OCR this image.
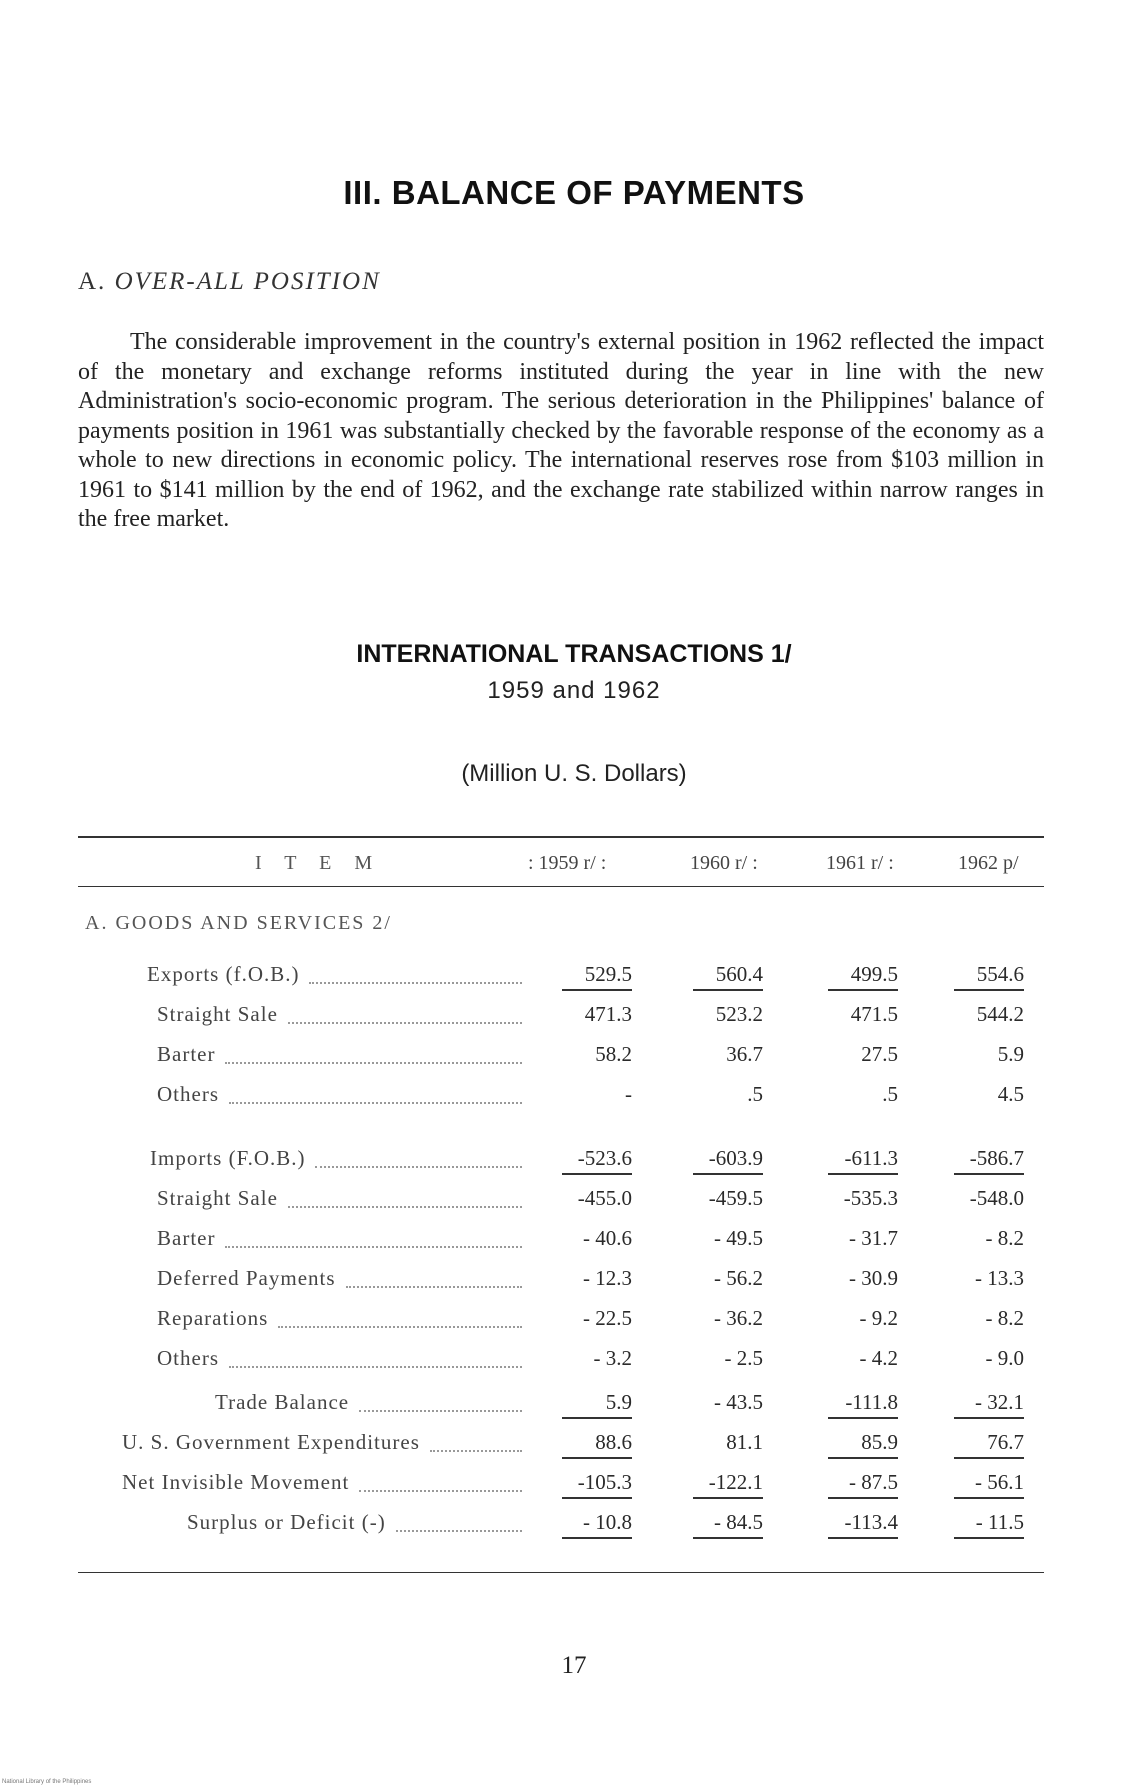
III. BALANCE OF PAYMENTS
A. OVER-ALL POSITION
The considerable improvement in the country's external position in 1962 reflected the impact of the monetary and exchange reforms instituted during the year in line with the new Administration's socio-economic program. The serious deterioration in the Philippines' balance of payments position in 1961 was substantially checked by the favorable response of the economy as a whole to new directions in economic policy. The international reserves rose from $103 million in 1961 to $141 million by the end of 1962, and the exchange rate stabilized within narrow ranges in the free market.
INTERNATIONAL TRANSACTIONS 1/
1959 and 1962
(Million U. S. Dollars)
I T E M	: 1959 r/ :	1960 r/ :	1961 r/ :	1962 p/
A. GOODS AND SERVICES 2/
Exports (f.O.B.)	529.5	560.4	499.5	554.6
Straight Sale	471.3	523.2	471.5	544.2
Barter	58.2	36.7	27.5	5.9
Others	-	.5	.5	4.5
Imports (F.O.B.)	-523.6	-603.9	-611.3	-586.7
Straight Sale	-455.0	-459.5	-535.3	-548.0
Barter	- 40.6	- 49.5	- 31.7	- 8.2
Deferred Payments	- 12.3	- 56.2	- 30.9	- 13.3
Reparations	- 22.5	- 36.2	- 9.2	- 8.2
Others	- 3.2	- 2.5	- 4.2	- 9.0
Trade Balance	5.9	- 43.5	-111.8	- 32.1
U. S. Government Expenditures	88.6	81.1	85.9	76.7
Net Invisible Movement	-105.3	-122.1	- 87.5	- 56.1
Surplus or Deficit (-)	- 10.8	- 84.5	-113.4	- 11.5
17
National Library of the Philippines
